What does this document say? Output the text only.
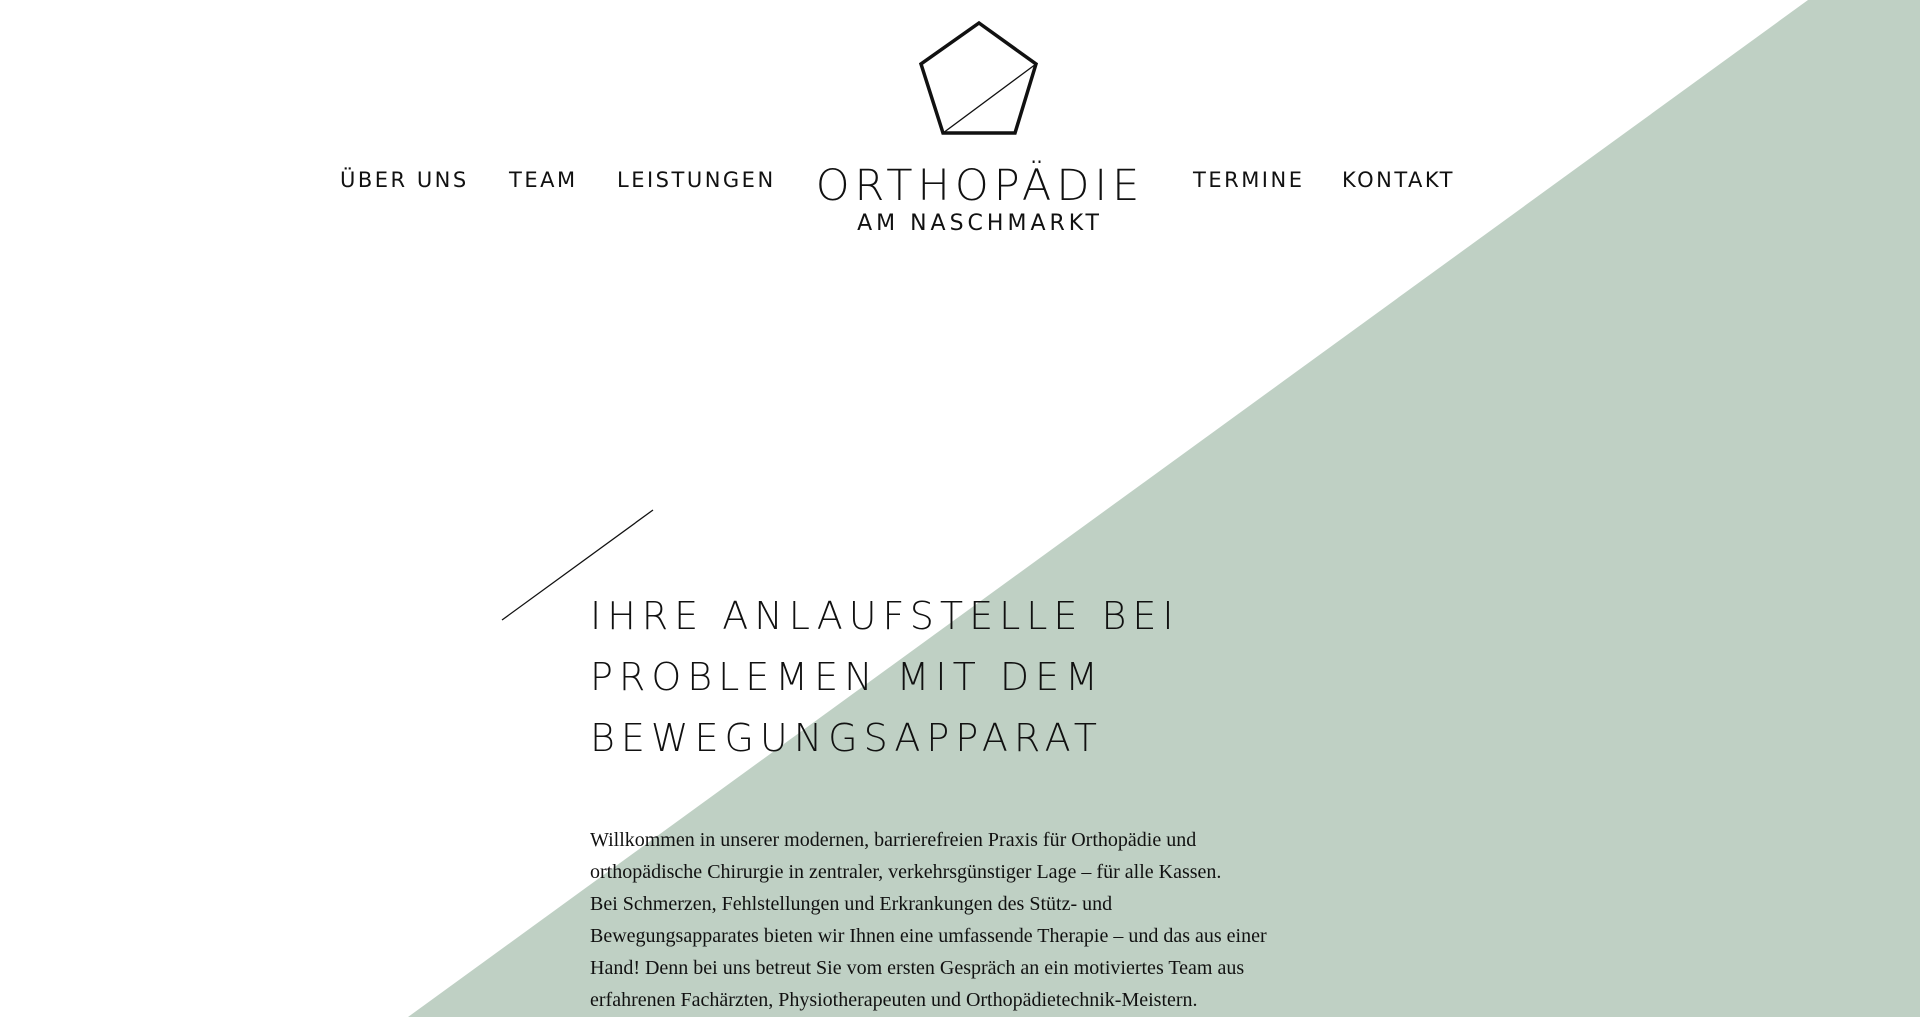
ÜBER UNS TEAM LEISTUNGEN	TERMINE KONTAKT
ORTHOPÄDIE
AM NASCHMARKT
IHRE ANLAUFSTELLE BEI
PROBLEMEN MIT DEM
BEWEGUNGSAPPARAT

Willkommen in unserer modernen, barrierefreien Praxis für Orthopädie und
orthopädische Chirurgie in zentraler, verkehrsgünstiger Lage – für alle Kassen.
Bei Schmerzen, Fehlstellungen und Erkrankungen des Stütz- und
Bewegungsapparates bieten wir Ihnen eine umfassende Therapie – und das aus einer
Hand! Denn bei uns betreut Sie vom ersten Gespräch an ein motiviertes Team aus
erfahrenen Fachärzten, Physiotherapeuten und Orthopädietechnik-Meistern.
